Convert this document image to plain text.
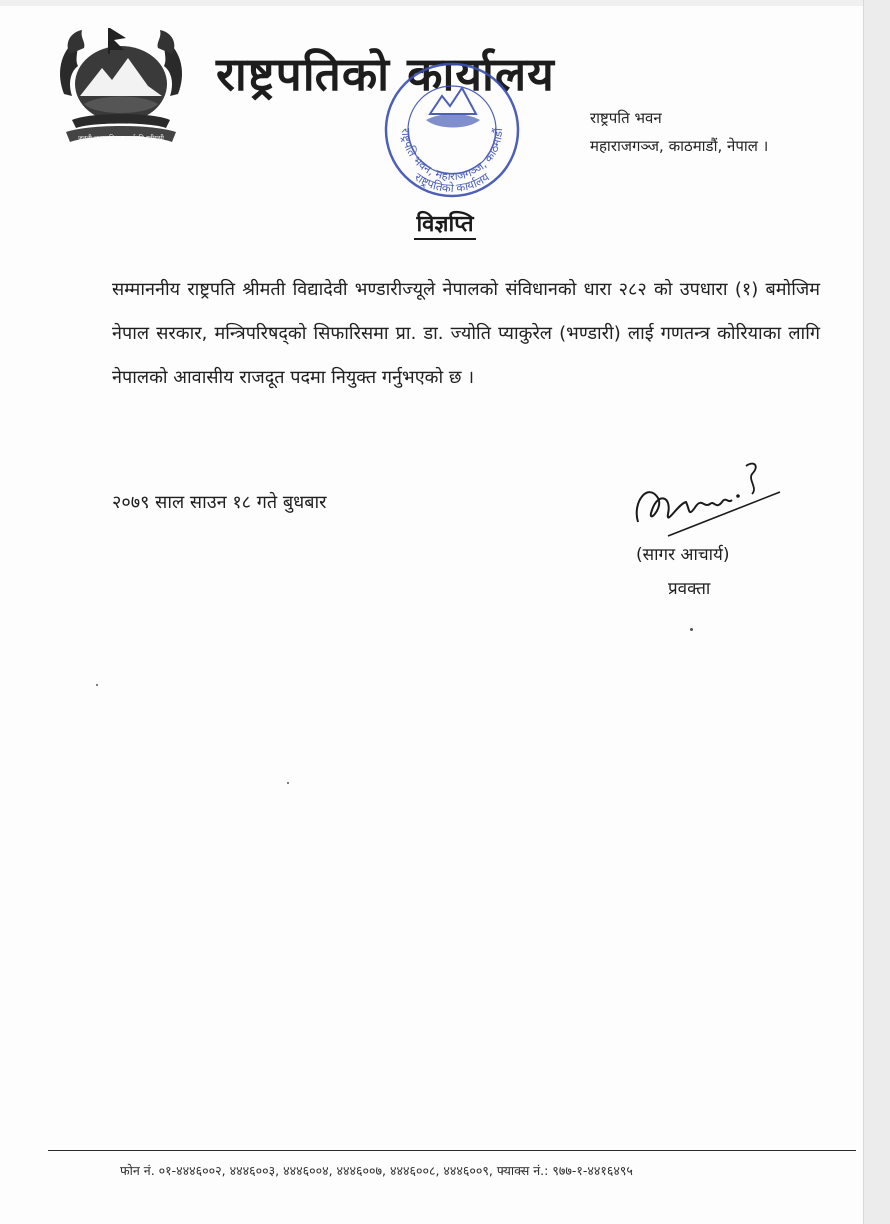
जननी जन्मभूमिश्च स्वर्गादपि गरीयसी
राष्ट्रपतिको कार्यालय
राष्ट्रपतिको कार्यालय
राष्ट्रपति भवन, महाराजगञ्ज, काठमाडौं
राष्ट्रपति भवन
महाराजगञ्ज, काठमाडौं, नेपाल ।
विज्ञप्ति
सम्माननीय राष्ट्रपति श्रीमती विद्यादेवी भण्डारीज्यूले नेपालको संविधानको धारा २८२ को उपधारा (१) बमोजिम नेपाल सरकार, मन्त्रिपरिषद्को सिफारिसमा प्रा. डा. ज्योति प्याकुरेल (भण्डारी) लाई गणतन्त्र कोरियाका लागि नेपालको आवासीय राजदूत पदमा नियुक्त गर्नुभएको छ ।
२०७९ साल साउन १८ गते बुधबार
(सागर आचार्य)
प्रवक्ता
फोन नं. ०१-४४४६००२, ४४४६००३, ४४४६००४, ४४४६००७, ४४४६००८, ४४४६००९, फ्याक्स नं.: ९७७-१-४४१६४९५
